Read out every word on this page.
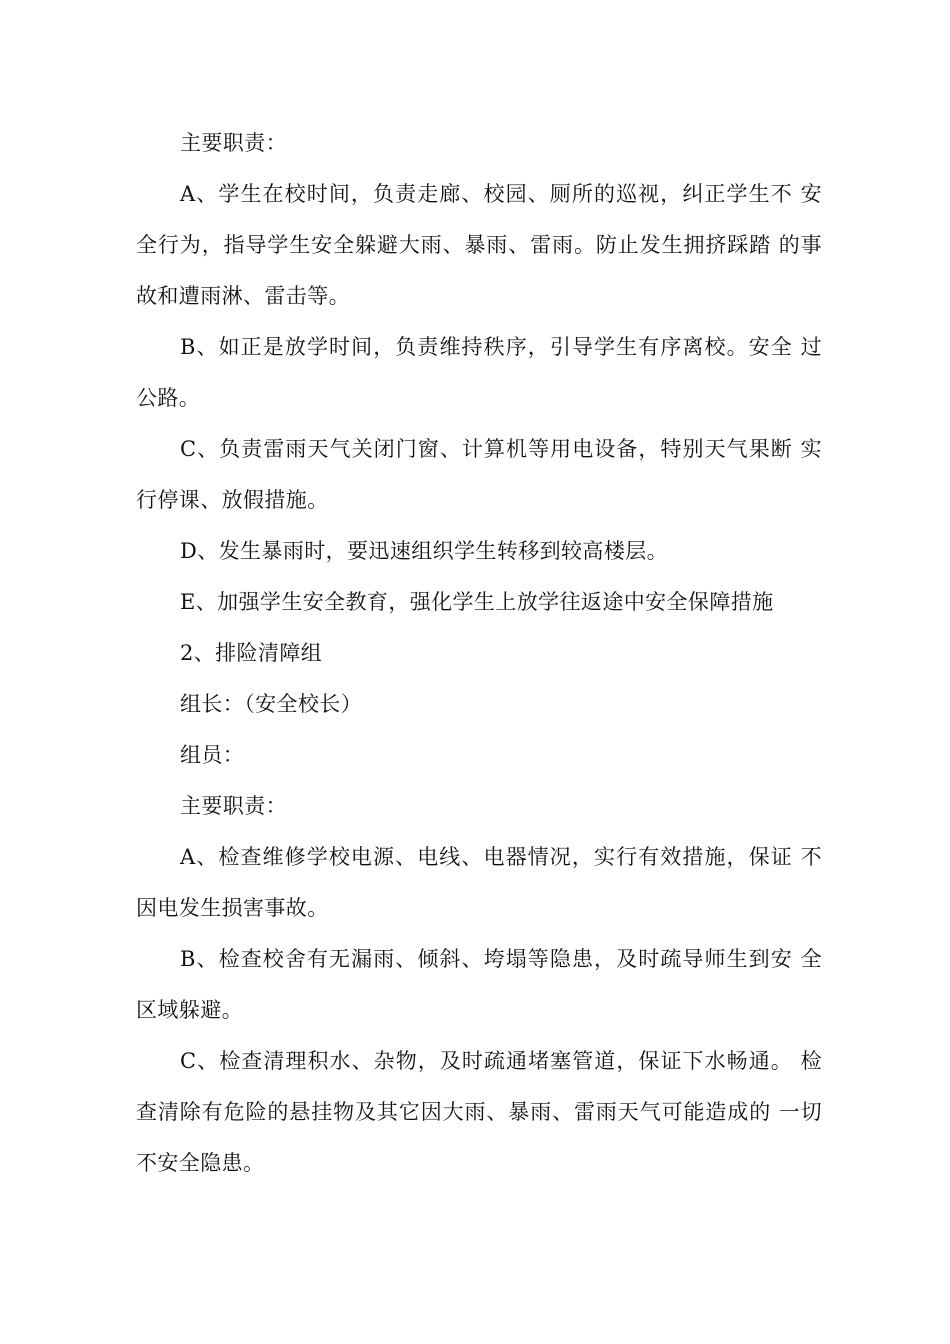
主要职责：

A、学生在校时间，负责走廊、校园、厕所的巡视，纠正学生不 安全行为，指导学生安全躲避大雨、暴雨、雷雨。防止发生拥挤踩踏 的事故和遭雨淋、雷击等。

B、如正是放学时间，负责维持秩序，引导学生有序离校。安全 过公路。

C、负责雷雨天气关闭门窗、计算机等用电设备，特别天气果断 实行停课、放假措施。

D、发生暴雨时，要迅速组织学生转移到较高楼层。

E、加强学生安全教育，强化学生上放学往返途中安全保障措施

2、排险清障组

组长：（安全校长）

组员：

主要职责：

A、检查维修学校电源、电线、电器情况，实行有效措施，保证 不因电发生损害事故。

B、检查校舍有无漏雨、倾斜、垮塌等隐患，及时疏导师生到安 全区域躲避。

C、检查清理积水、杂物，及时疏通堵塞管道，保证下水畅通。 检查清除有危险的悬挂物及其它因大雨、暴雨、雷雨天气可能造成的 一切不安全隐患。
